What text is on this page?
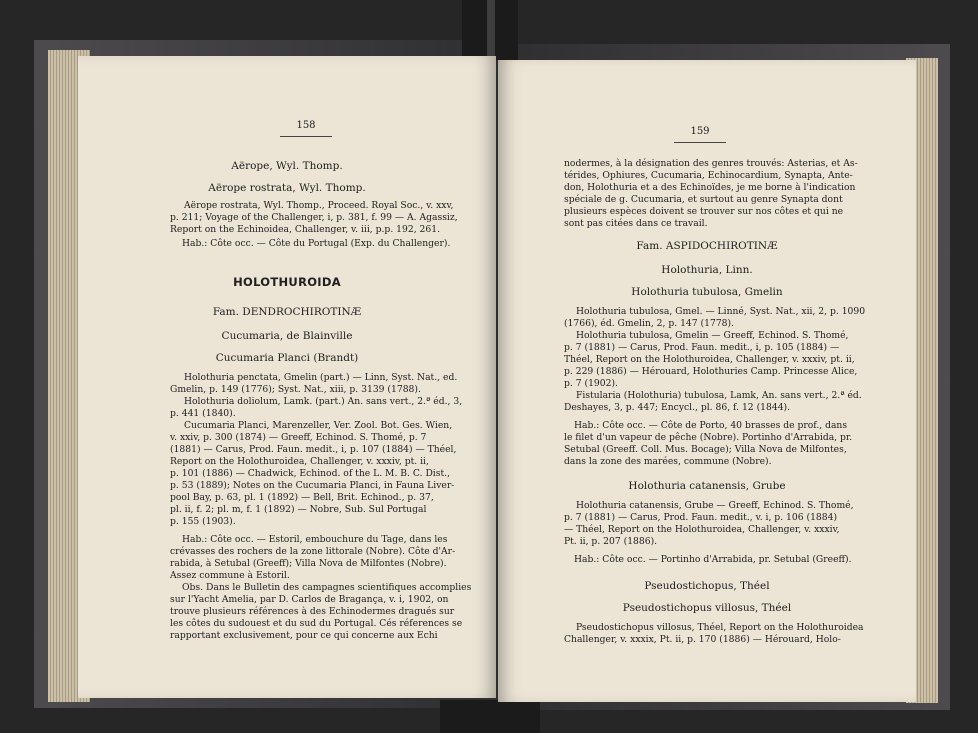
158
Aërope, Wyl. Thomp.
Aërope rostrata, Wyl. Thomp.
Aërope rostrata, Wyl. Thomp., Proceed. Royal Soc., v. xxv,
p. 211; Voyage of the Challenger, i, p. 381, f. 99 — A. Agassiz,
Report on the Echinoidea, Challenger, v. iii, p.p. 192, 261.
Hab.: Côte occ. — Côte du Portugal (Exp. du Challenger).
HOLOTHUROIDA
Fam. DENDROCHIROTINÆ
Cucumaria, de Blainville
Cucumaria Planci (Brandt)
Holothuria penctata, Gmelin (part.) — Linn, Syst. Nat., ed.
Gmelin, p. 149 (1776); Syst. Nat., xiii, p. 3139 (1788).
Holothuria doliolum, Lamk. (part.) An. sans vert., 2.ª éd., 3,
p. 441 (1840).
Cucumaria Planci, Marenzeller, Ver. Zool. Bot. Ges. Wien,
v. xxiv, p. 300 (1874) — Greeff, Echinod. S. Thomé, p. 7
(1881) — Carus, Prod. Faun. medit., i, p. 107 (1884) — Théel,
Report on the Holothuroidea, Challenger, v. xxxiv, pt. ii,
p. 101 (1886) — Chadwick, Echinod. of the L. M. B. C. Dist.,
p. 53 (1889); Notes on the Cucumaria Planci, in Fauna Liver-
pool Bay, p. 63, pl. 1 (1892) — Bell, Brit. Echinod., p. 37,
pl. ii, f. 2; pl. m, f. 1 (1892) — Nobre, Sub. Sul Portugal
p. 155 (1903).
Hab.: Côte occ. — Estoril, embouchure du Tage, dans les
crévasses des rochers de la zone littorale (Nobre). Côte d'Ar-
rabida, à Setubal (Greeff); Villa Nova de Milfontes (Nobre).
Assez commune à Estoril.
Obs. Dans le Bulletin des campagnes scientifiques accomplies
sur l'Yacht Amelia, par D. Carlos de Bragança, v. i, 1902, on
trouve plusieurs références à des Echinodermes dragués sur
les côtes du sudouest et du sud du Portugal. Cés réferences se
rapportant exclusivement, pour ce qui concerne aux Echi
159
nodermes, à la désignation des genres trouvés: Asterias, et As-
térides, Ophiures, Cucumaria, Echinocardium, Synapta, Ante-
don, Holothuria et a des Echinoïdes, je me borne à l'indication
spéciale de g. Cucumaria, et surtout au genre Synapta dont
plusieurs espèces doivent se trouver sur nos côtes et qui ne
sont pas citées dans ce travail.
Fam. ASPIDOCHIROTINÆ
Holothuria, Linn.
Holothuria tubulosa, Gmelin
Holothuria tubulosa, Gmel. — Linné, Syst. Nat., xii, 2, p. 1090
(1766), éd. Gmelin, 2, p. 147 (1778).
Holothuria tubulosa, Gmelin — Greeff, Echinod. S. Thomé,
p. 7 (1881) — Carus, Prod. Faun. medit., i, p. 105 (1884) —
Théel, Report on the Holothuroidea, Challenger, v. xxxiv, pt. ii,
p. 229 (1886) — Hérouard, Holothuries Camp. Princesse Alice,
p. 7 (1902).
Fistularia (Holothuria) tubulosa, Lamk, An. sans vert., 2.ª éd.
Deshayes, 3, p. 447; Encycl., pl. 86, f. 12 (1844).
Hab.: Côte occ. — Côte de Porto, 40 brasses de prof., dans
le filet d'un vapeur de pêche (Nobre). Portinho d'Arrabida, pr.
Setubal (Greeff. Coll. Mus. Bocage); Villa Nova de Milfontes,
dans la zone des marées, commune (Nobre).
Holothuria catanensis, Grube
Holothuria catanensis, Grube — Greeff, Echinod. S. Thomé,
p. 7 (1881) — Carus, Prod. Faun. medit., v. i, p. 106 (1884)
— Théel, Report on the Holothuroidea, Challenger, v. xxxiv,
Pt. ii, p. 207 (1886).
Hab.: Côte occ. — Portinho d'Arrabida, pr. Setubal (Greeff).
Pseudostichopus, Théel
Pseudostichopus villosus, Théel
Pseudostichopus villosus, Théel, Report on the Holothuroidea
Challenger, v. xxxix, Pt. ii, p. 170 (1886) — Hérouard, Holo-
